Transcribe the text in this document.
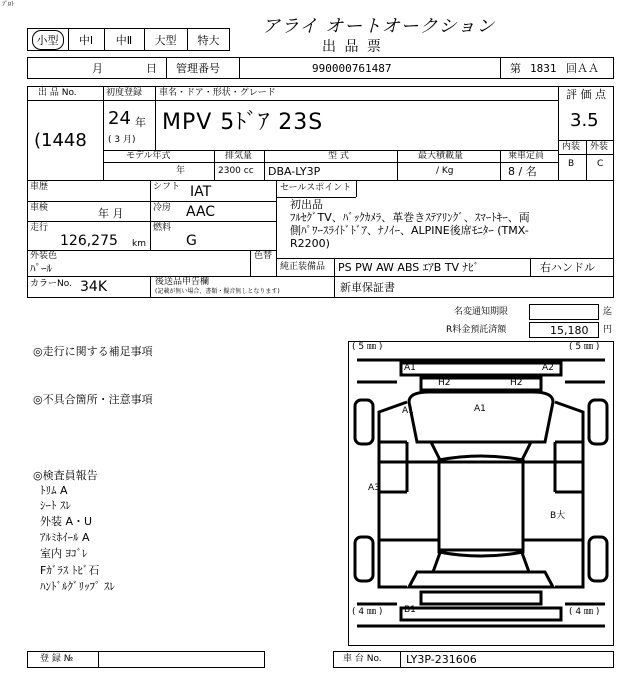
ﾌﾟﾛﾄ
小型	中Ⅰ	中Ⅱ	大型	特大
アライ オートオークション
出 品 票
月	日 管理番号	990000761487	第 1831 回ＡＡ
出 品 No.
(1448
初度登録
24 年
( 3 月)
車名・ドア・形状・グレード
MPV 5ﾄﾞｱ 23S
評 価 点
3.5
内装 外装
B	C
モデル年式	排気量	型 式	最大積載量	乗車定員
年	2300 cc DBA-LY3P	/ Kg	8 / 名
車歴	シフト IAT
車検	年 月	冷房 AAC
走行
126,275 km
燃料
G
外装色
ﾊﾟｰﾙ
色替
セールスポイント
初出品
ﾌﾙｾｸﾞTV、ﾊﾞｯｸｶﾒﾗ、革巻きｽﾃｱﾘﾝｸﾞ、ｽﾏｰﾄｷｰ、両
側ﾊﾟﾜｰｽﾗｲﾄﾞﾄﾞｱ、ﾅﾉｲｰ、ALPINE後席ﾓﾆﾀｰ (TMX-
R2200)
純正装備品 PS PW AW ABS ｴｱB TV ﾅﾋﾞ	右ハンドル
カラーNo. 34K	後送品申告欄
(記載が無い場合、書類・擬音無しとなります)	新車保証書
名変通知期限	迄
R料金預託済額	15,180 円
◎走行に関する補足事項
◎不具合箇所・注意事項
◎検査員報告
ﾄﾘﾑ A
ｼｰﾄ ｽﾚ
外装 A・U
ｱﾙﾐﾎｲｰﾙ A
室内 ﾖｺﾞﾚ
Fｶﾞﾗｽ ﾄﾋﾞ石
ﾊﾝﾄﾞﾙｸﾞﾘｯﾌﾟ ｽﾚ
( 5 ㎜ )	( 5 ㎜ )
( 4 ㎜ )	( 4 ㎜ )
A1	A2
H2	H2
A1	A1
A3
B大
B1
登 録 №	車 台 No. LY3P-231606
